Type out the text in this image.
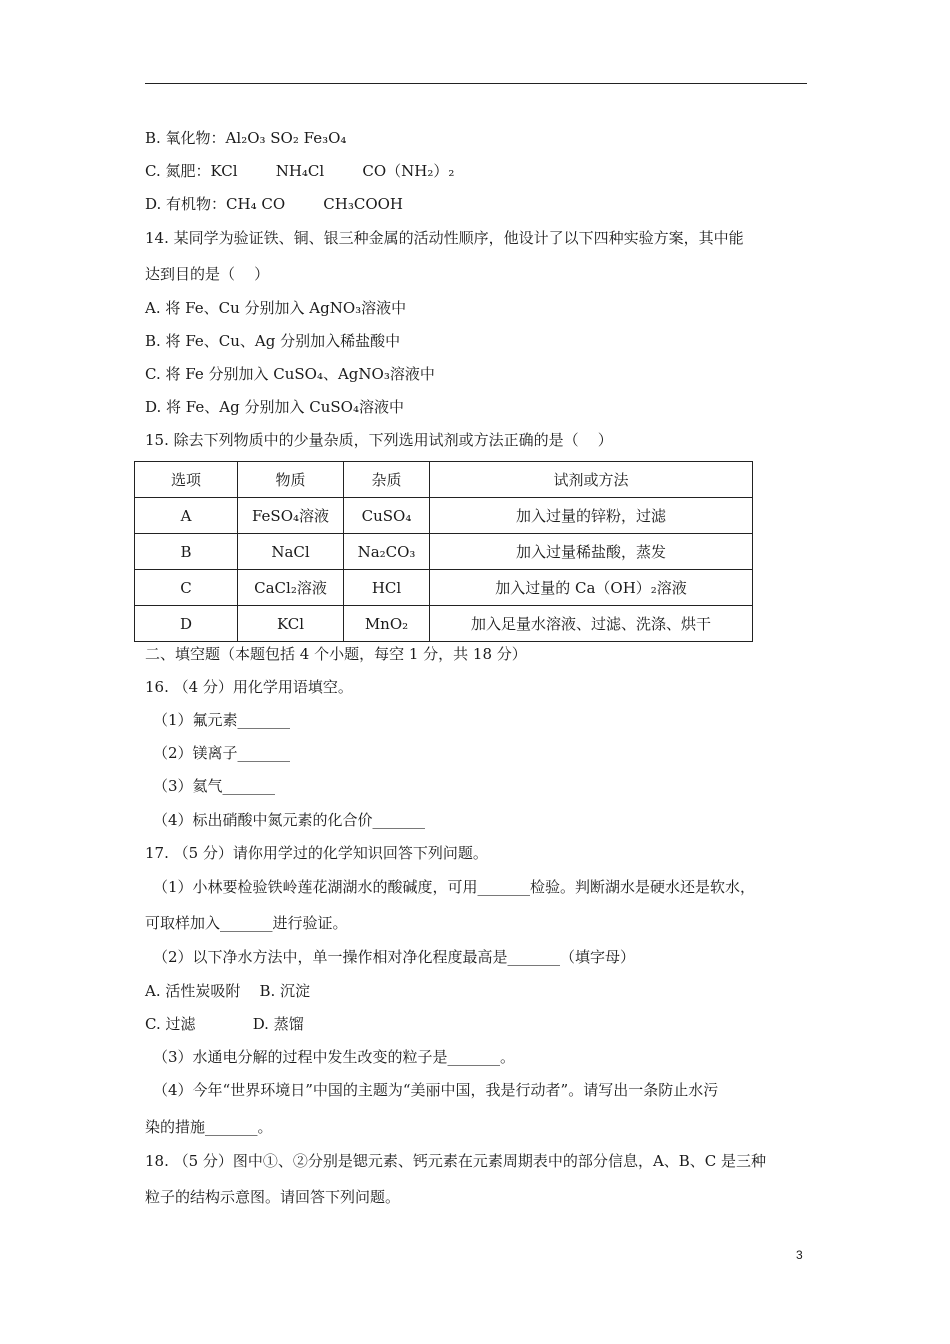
B. 氧化物：Al₂O₃ SO₂ Fe₃O₄
C. 氮肥：KCl        NH₄Cl        CO（NH₂）₂
D. 有机物：CH₄ CO        CH₃COOH
14. 某同学为验证铁、铜、银三种金属的活动性顺序，他设计了以下四种实验方案，其中能
达到目的是（    ）
A. 将 Fe、Cu 分别加入 AgNO₃溶液中
B. 将 Fe、Cu、Ag 分别加入稀盐酸中
C. 将 Fe 分别加入 CuSO₄、AgNO₃溶液中
D. 将 Fe、Ag 分别加入 CuSO₄溶液中
15. 除去下列物质中的少量杂质，下列选用试剂或方法正确的是（    ）
选项	物质	杂质	试剂或方法
A	FeSO₄溶液	CuSO₄	加入过量的锌粉，过滤
B	NaCl	Na₂CO₃	加入过量稀盐酸，蒸发
C	CaCl₂溶液	HCl	加入过量的 Ca（OH）₂溶液
D	KCl	MnO₂	加入足量水溶液、过滤、洗涤、烘干
二、填空题（本题包括 4 个小题，每空 1 分，共 18 分）
16. （4 分）用化学用语填空。
（1）氟元素_______
（2）镁离子_______
（3）氦气_______
（4）标出硝酸中氮元素的化合价_______
17. （5 分）请你用学过的化学知识回答下列问题。
（1）小林要检验铁岭莲花湖湖水的酸碱度，可用_______检验。判断湖水是硬水还是软水，
可取样加入_______进行验证。
（2）以下净水方法中，单一操作相对净化程度最高是_______（填字母）
A. 活性炭吸附    B. 沉淀
C. 过滤            D. 蒸馏
（3）水通电分解的过程中发生改变的粒子是_______。
（4）今年“世界环境日”中国的主题为“美丽中国，我是行动者”。请写出一条防止水污
染的措施_______。
18. （5 分）图中①、②分别是锶元素、钙元素在元素周期表中的部分信息，A、B、C 是三种
粒子的结构示意图。请回答下列问题。
3
